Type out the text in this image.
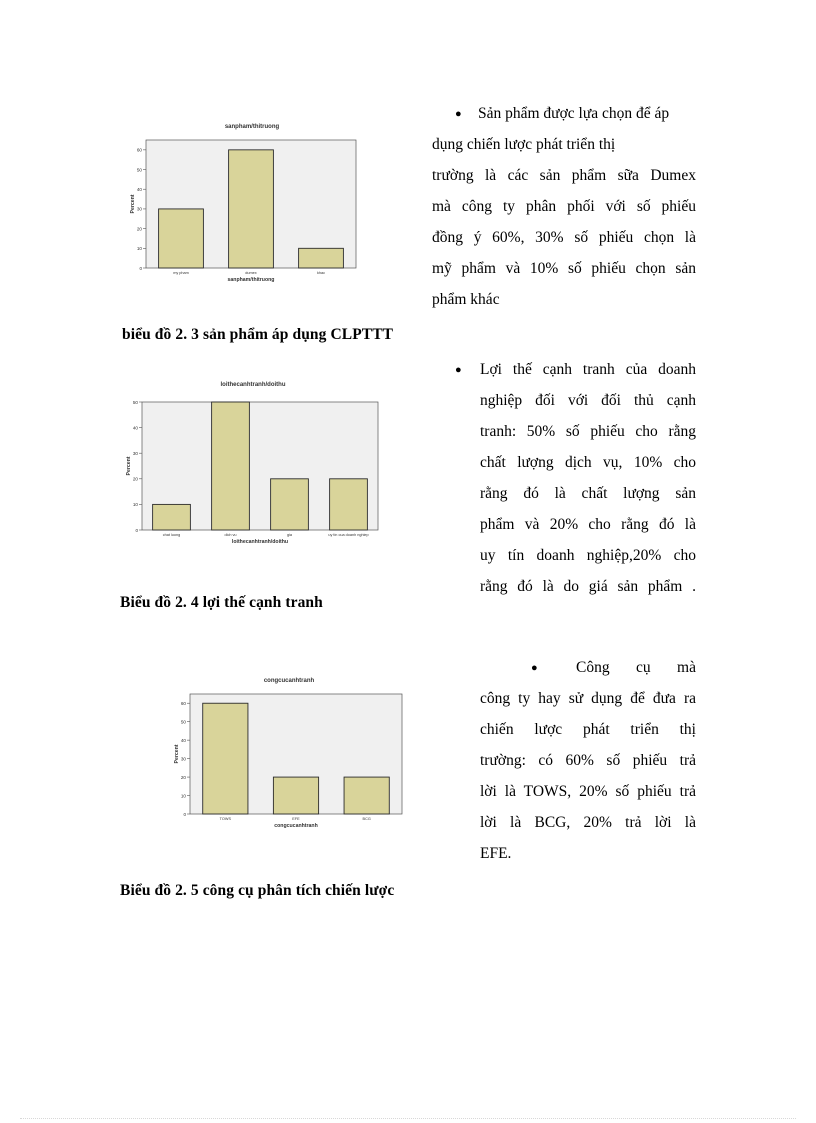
sanpham/thitruong
0
10
20
30
40
50
60
Percent
my pham	dumex	khac
sanpham/thitruong
loithecanhtranh/doithu
0
10
20
30
40
50
Percent
chat luong	dich vu	gia	uy tin cua doanh nghiep
loithecanhtranh/doithu
congcucanhtranh
0
10
20
30
40
50
60
Percent
TOWS	EFE	BCG
congcucanhtranh
biểu đồ 2. 3 sản phẩm áp dụng CLPTTT
Biểu đồ 2. 4 lợi thế cạnh tranh
Biểu đồ 2. 5 công cụ phân tích chiến lược
●	Sản phẩm được lựa chọn để áp
dụng chiến lược phát triển thị
trường là các sản phẩm sữa Dumex
mà công ty phân phối với số phiếu
đồng ý 60%, 30% số phiếu chọn là
mỹ phẩm và 10% số phiếu chọn sản
phẩm khác
● Lợi thế cạnh tranh của doanh
nghiệp đối với đối thủ cạnh
tranh: 50% số phiếu cho rằng
chất lượng dịch vụ, 10% cho
rằng đó là chất lượng sản
phẩm và 20% cho rằng đó là
uy tín doanh nghiệp,20% cho
rằng đó là do giá sản phẩm .
●	Công cụ mà
công ty hay sử dụng để đưa ra
chiến lược phát triển thị
trường: có 60% số phiếu trả
lời là TOWS, 20% số phiếu trả
lời là BCG, 20% trả lời là
EFE.
